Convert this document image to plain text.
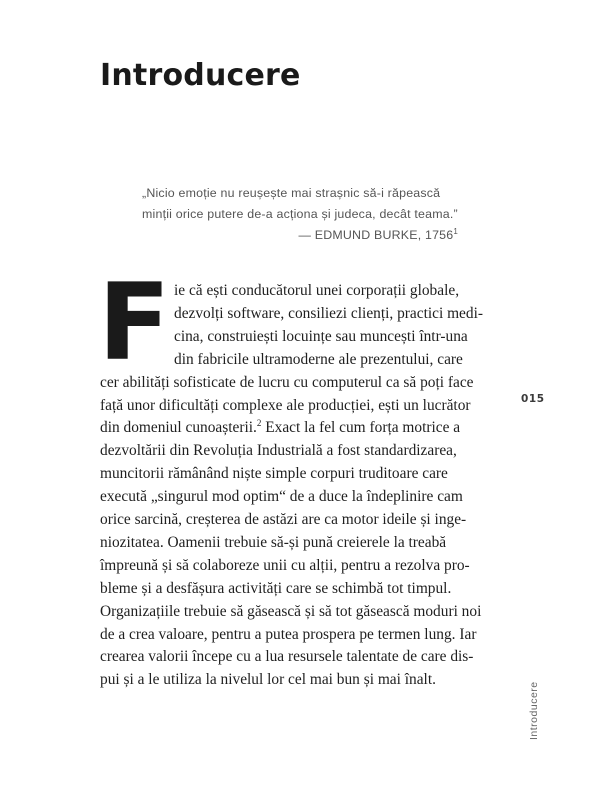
Introducere
„Nicio emoție nu reușește mai strașnic să-i răpească
minții orice putere de-a acționa și judeca, decât teama.”
— EDMUND BURKE, 1756$^1$
F ie că ești conducătorul unei corporații globale,
dezvolți software, consiliezi clienți, practici medi-
cina, construiești locuințe sau muncești într-una
din fabricile ultramoderne ale prezentului, care
cer abilități sofisticate de lucru cu computerul ca să poți face
față unor dificultăți complexe ale producției, ești un lucrător
din domeniul cunoașterii.$^2$ Exact la fel cum forța motrice a
dezvoltării din Revoluția Industrială a fost standardizarea,
muncitorii rămânând niște simple corpuri truditoare care
execută „singurul mod optim“ de a duce la îndeplinire cam
orice sarcină, creșterea de astăzi are ca motor ideile și inge-
niozitatea. Oamenii trebuie să-și pună creierele la treabă
împreună și să colaboreze unii cu alții, pentru a rezolva pro-
bleme și a desfășura activități care se schimbă tot timpul.
Organizațiile trebuie să găsească și să tot găsească moduri noi
de a crea valoare, pentru a putea prospera pe termen lung. Iar
crearea valorii începe cu a lua resursele talentate de care dis-
pui și a le utiliza la nivelul lor cel mai bun și mai înalt.
015
Introducere
